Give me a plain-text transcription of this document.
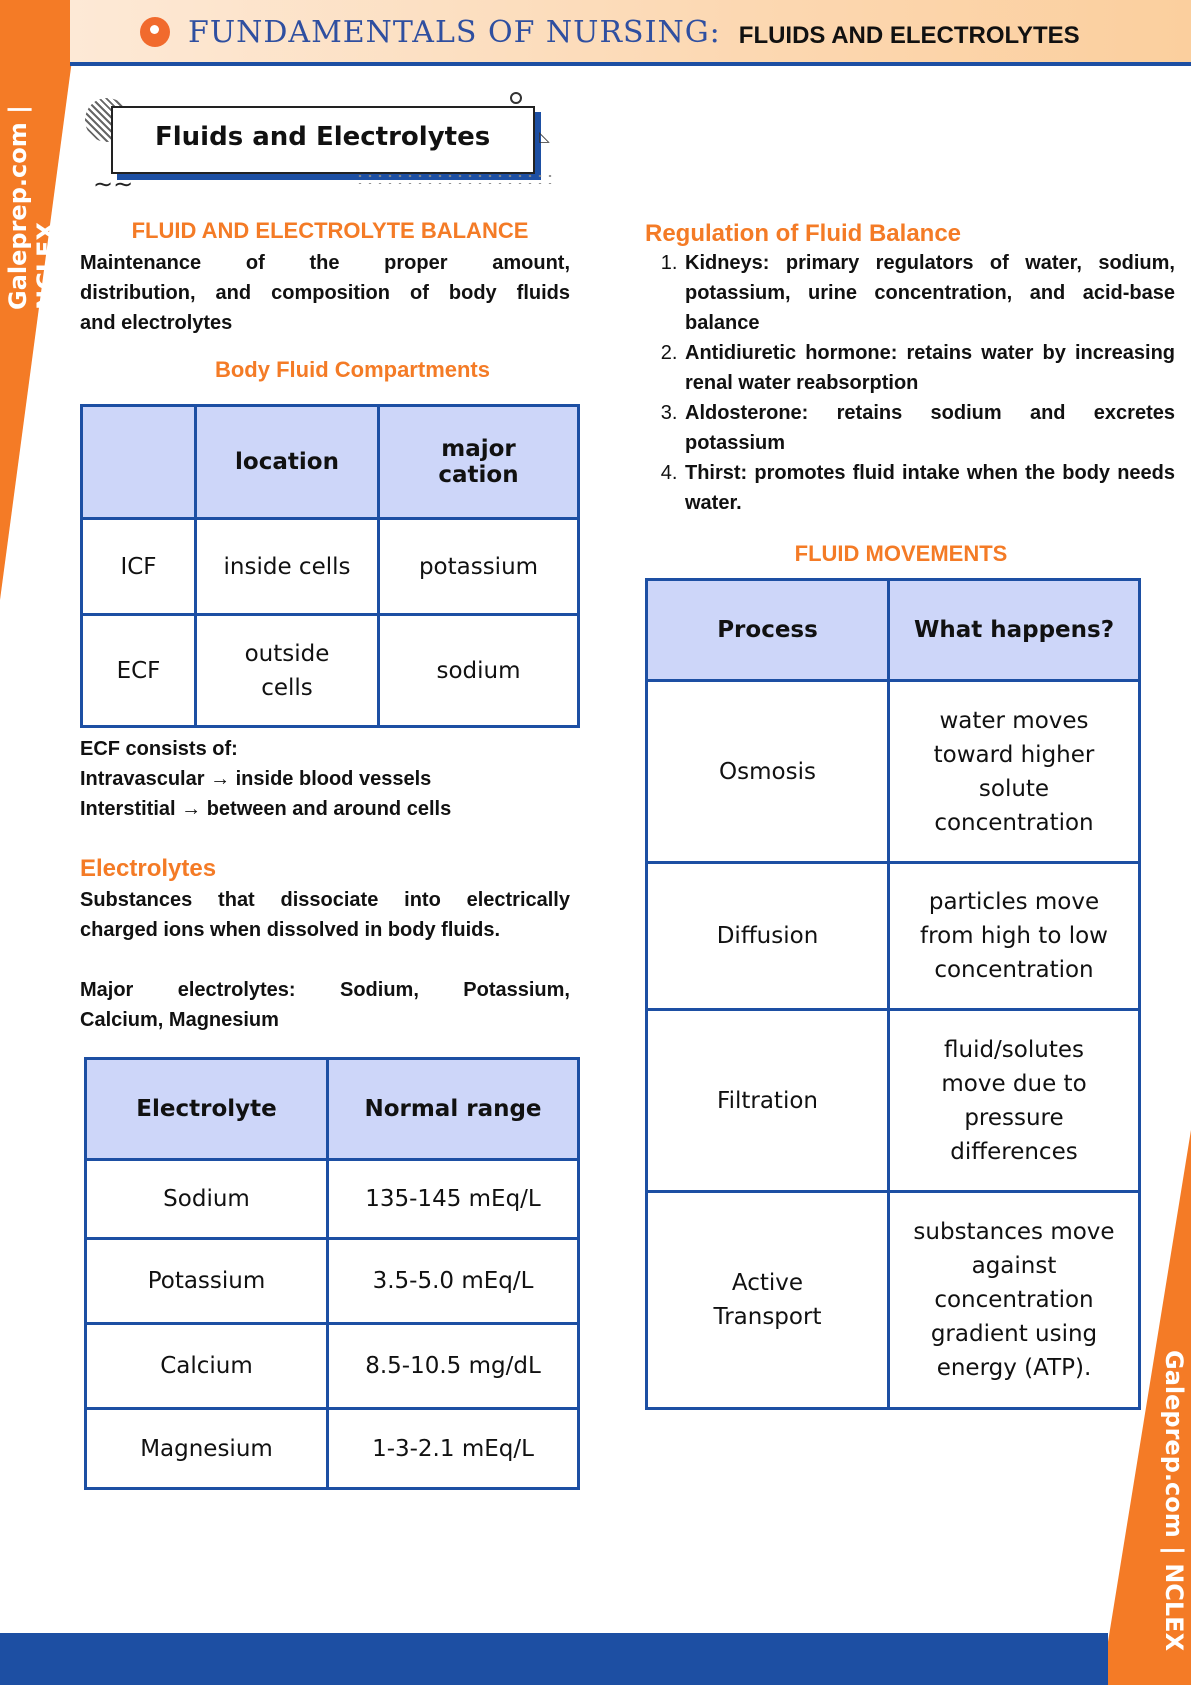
Galeprep.com | NCLEX
Galeprep.com | NCLEX
FUNDAMENTALS OF NURSING: FLUIDS AND ELECTROLYTES
Fluids and Electrolytes	◺
∼∼
FLUID AND ELECTROLYTE BALANCE
Maintenance of the proper amount,
distribution, and composition of body fluids
and electrolytes
Body Fluid Compartments
	location	major cation
ICF	inside cells	potassium
ECF	outside cells	sodium
ECF consists of:
Intravascular → inside blood vessels
Interstitial → between and around cells
Electrolytes
Substances that dissociate into electrically
charged ions when dissolved in body fluids.
Major electrolytes: Sodium, Potassium,
Calcium, Magnesium
Electrolyte	Normal range
Sodium	135-145 mEq/L
Potassium	3.5-5.0 mEq/L
Calcium	8.5-10.5 mg/dL
Magnesium	1-3-2.1 mEq/L
Regulation of Fluid Balance
1. Kidneys: primary regulators of water, sodium, potassium, urine concentration, and acid-base balance
2. Antidiuretic hormone: retains water by increasing renal water reabsorption
3. Aldosterone: retains sodium and excretes potassium
4. Thirst: promotes fluid intake when the body needs water.
FLUID MOVEMENTS
Process	What happens?
Osmosis	water moves toward higher solute concentration
Diffusion	particles move from high to low concentration
Filtration	fluid/solutes move due to pressure differences
Active Transport	substances move against concentration gradient using energy (ATP).
